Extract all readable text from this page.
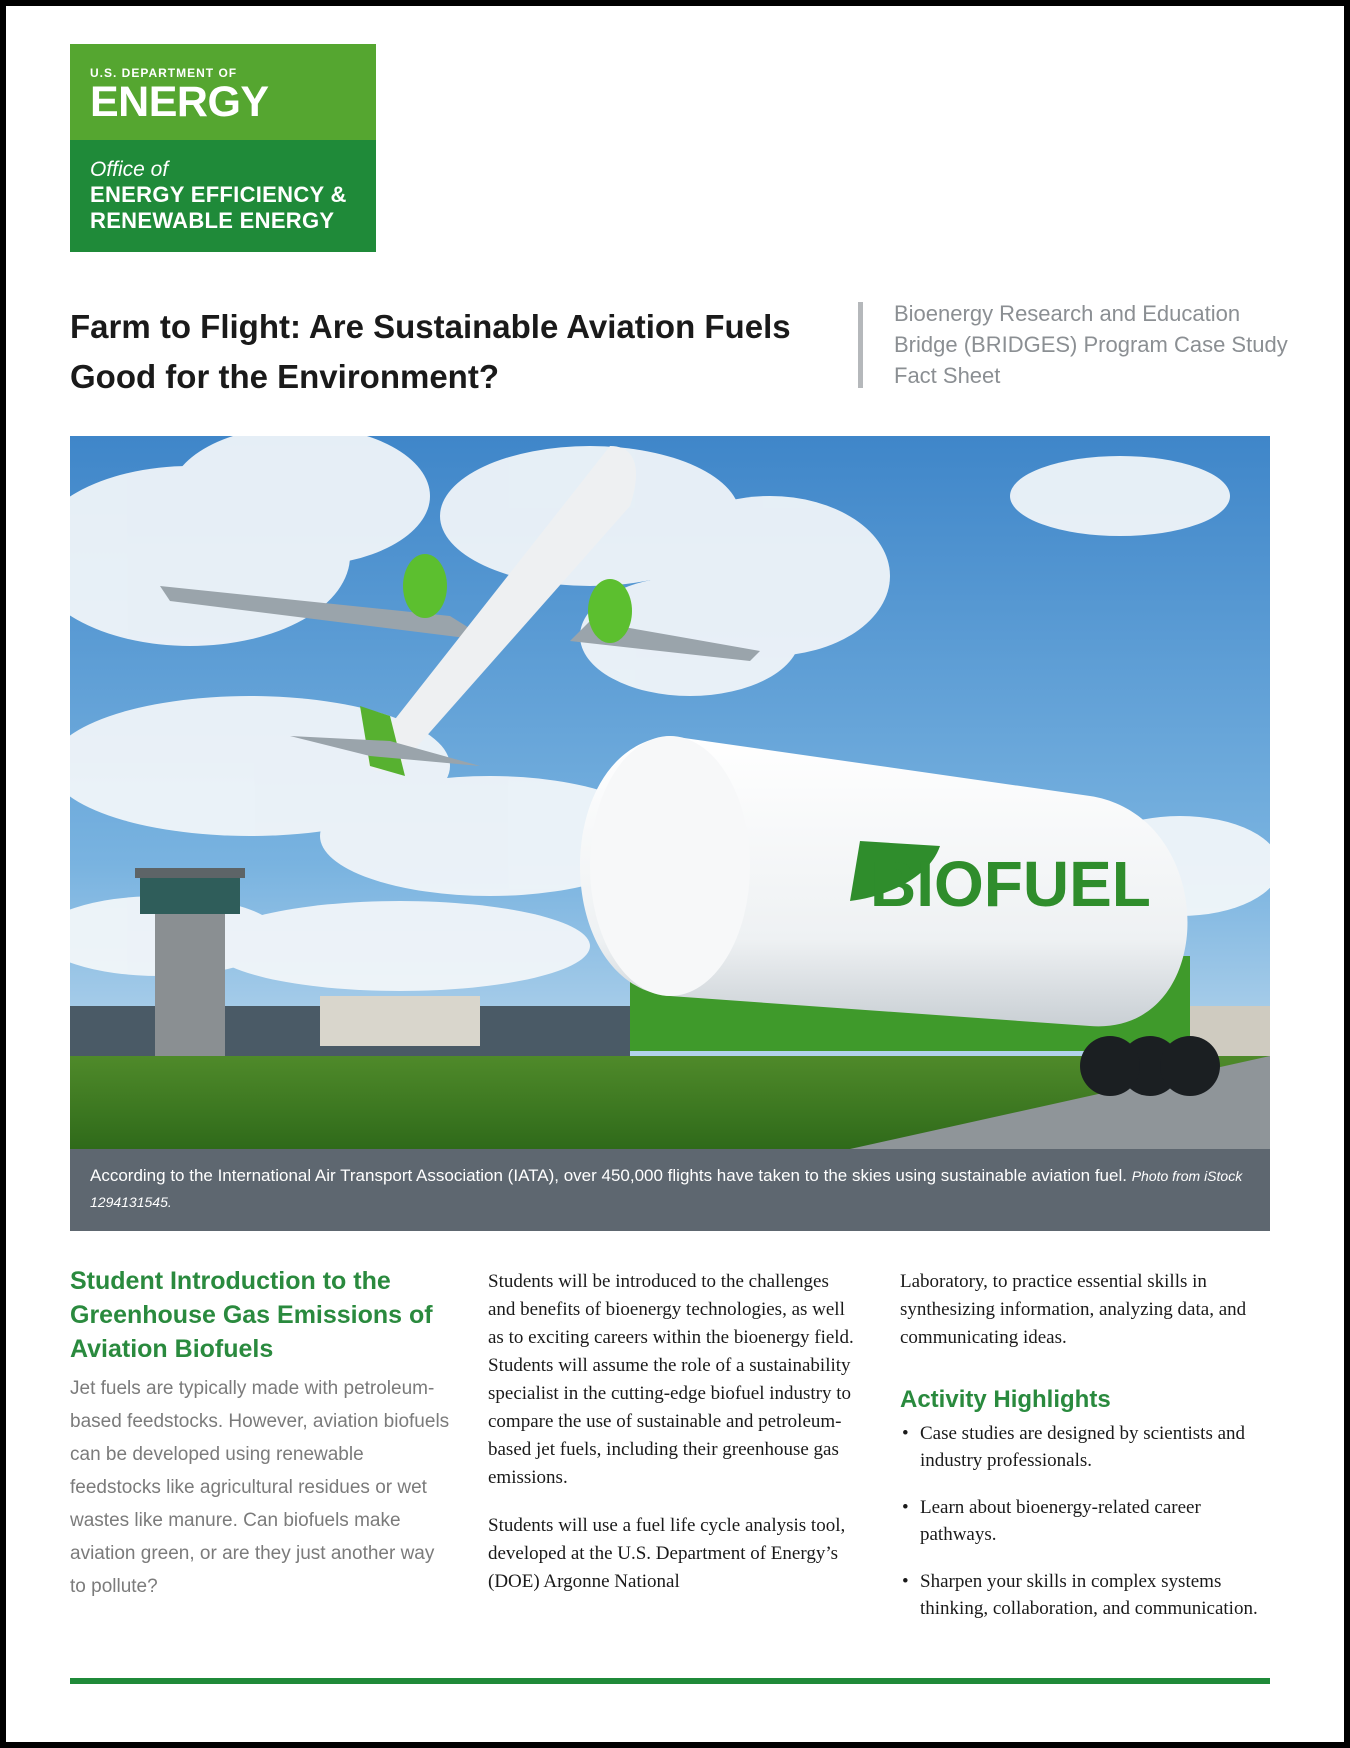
U.S. DEPARTMENT OF
ENERGY
Office of
ENERGY EFFICIENCY &
RENEWABLE ENERGY
Farm to Flight: Are Sustainable Aviation Fuels Good for the Environment?
Bioenergy Research and Education Bridge (BRIDGES) Program Case Study Fact Sheet
BIOFUEL
According to the International Air Transport Association (IATA), over 450,000 flights have taken to the skies using sustainable aviation fuel. Photo from iStock 1294131545.
Student Introduction to the Greenhouse Gas Emissions of Aviation Biofuels

Jet fuels are typically made with petroleum-based feedstocks. However, aviation biofuels can be developed using renewable feedstocks like agricultural residues or wet wastes like manure. Can biofuels make aviation green, or are they just another way to pollute?

Students will be introduced to the challenges and benefits of bioenergy technologies, as well as to exciting careers within the bioenergy field. Students will assume the role of a sustainability specialist in the cutting-edge biofuel industry to compare the use of sustainable and petroleum-based jet fuels, including their greenhouse gas emissions.

Students will use a fuel life cycle analysis tool, developed at the U.S. Department of Energy’s (DOE) Argonne National

Laboratory, to practice essential skills in synthesizing information, analyzing data, and communicating ideas.

Activity Highlights
• Case studies are designed by scientists and industry professionals.
• Learn about bioenergy-related career pathways.
• Sharpen your skills in complex systems thinking, collaboration, and communication.
